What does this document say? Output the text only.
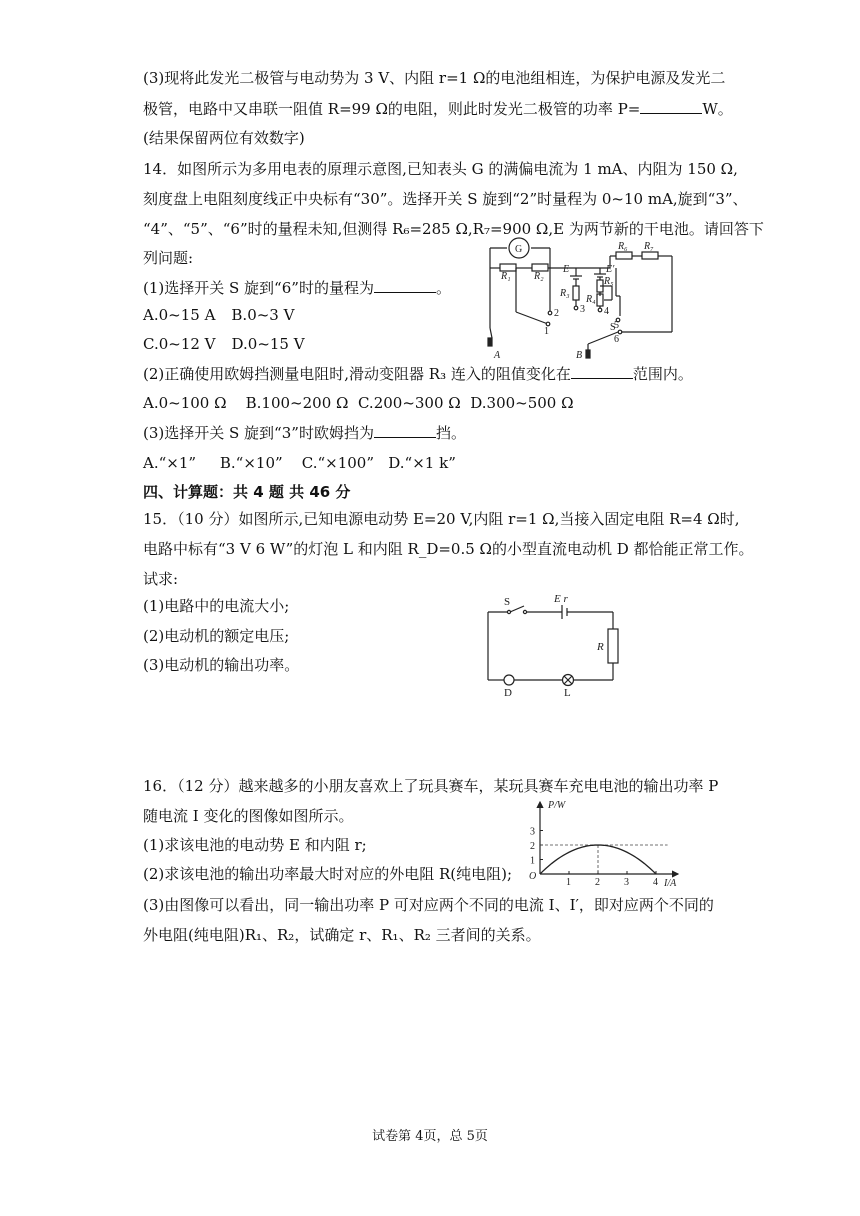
(3)现将此发光二极管与电动势为 3 V、内阻 r=1 Ω的电池组相连，为保护电源及发光二
极管，电路中又串联一阻值 R=99 Ω的电阻，则此时发光二极管的功率 P=	W。
(结果保留两位有效数字)
14．如图所示为多用电表的原理示意图,已知表头 G 的满偏电流为 1 mA、内阻为 150 Ω,
刻度盘上电阻刻度线正中央标有“30”。选择开关 S 旋到“2”时量程为 0~10 mA,旋到“3”、
“4”、“5”、“6”时的量程未知,但测得 R₆=285 Ω,R₇=900 Ω,E 为两节新的干电池。请回答下
列问题:
(1)选择开关 S 旋到“6”时的量程为	。
A.0~15 A B.0~3 V
C.0~12 V D.0~15 V
G
R₁ R₂
R₆ R₇
E	E′
R₃
R₅
R₄
A	B
S
1
2 3 4
5
6
(2)正确使用欧姆挡测量电阻时,滑动变阻器 R₃ 连入的阻值变化在	范围内。
A.0~100 Ω    B.100~200 Ω  C.200~300 Ω  D.300~500 Ω
(3)选择开关 S 旋到“3”时欧姆挡为	挡。
A.“×1”     B.“×10”    C.“×100”   D.“×1 k”
四、计算题：共 4 题 共 46 分
15．（10 分）如图所示,已知电源电动势 E=20 V,内阻 r=1 Ω,当接入固定电阻 R=4 Ω时,
电路中标有“3 V 6 W”的灯泡 L 和内阻 R_D=0.5 Ω的小型直流电动机 D 都恰能正常工作。
试求:
(1)电路中的电流大小;
(2)电动机的额定电压;
(3)电动机的输出功率。
S	E r
R
D	L
16．（12 分）越来越多的小朋友喜欢上了玩具赛车，某玩具赛车充电电池的输出功率 P
随电流 I 变化的图像如图所示。
(1)求该电池的电动势 E 和内阻 r;
(2)求该电池的输出功率最大时对应的外电阻 R(纯电阻);
(3)由图像可以看出，同一输出功率 P 可对应两个不同的电流 I、I′，即对应两个不同的
外电阻(纯电阻)R₁、R₂，试确定 r、R₁、R₂ 三者间的关系。
1 2 3 4
1
2
3
P/W
I/A
O
试卷第 4页，总 5页
